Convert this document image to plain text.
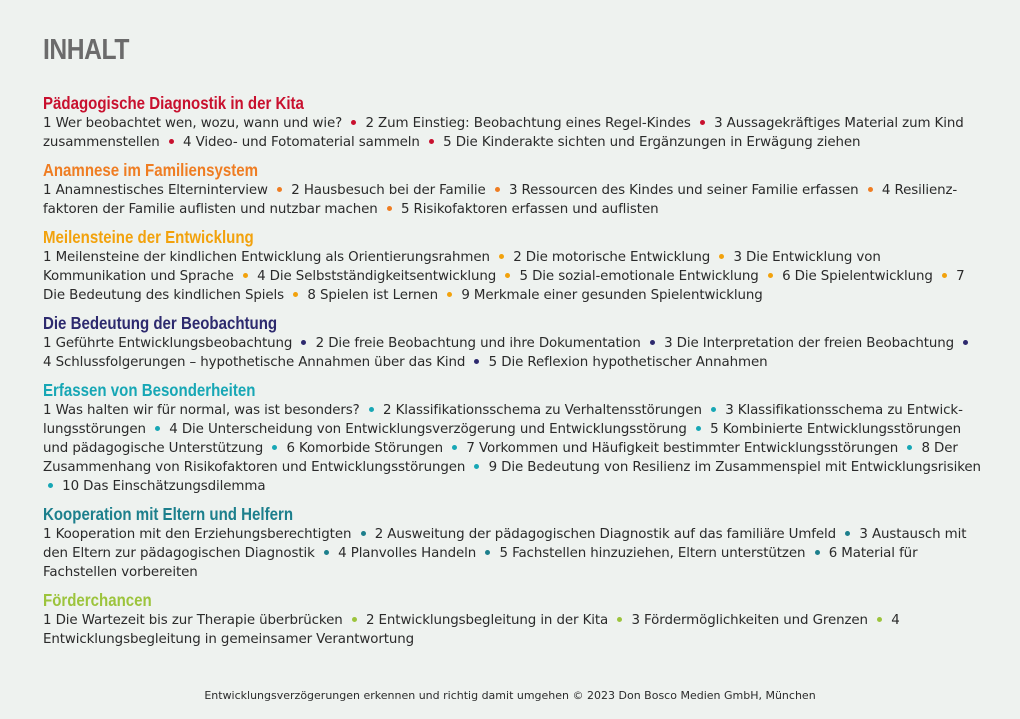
INHALT
Pädagogische Diagnostik in der Kita
1 Wer beobachtet wen, wozu, wann und wie? 2 Zum Einstieg: Beobachtung eines Regel-Kindes 3 Aussagekräftiges Material zum Kind zusammenstellen 4 Video- und Fotomaterial sammeln 5 Die Kinderakte sichten und Ergänzungen in Erwägung ziehen
Anamnese im Familiensystem
1 Anamnestisches Elterninterview 2 Hausbesuch bei der Familie 3 Ressourcen des Kindes und seiner Familie erfassen 4 Resilienzfaktoren der Familie auflisten und nutzbar machen 5 Risikofaktoren erfassen und auflisten
Meilensteine der Entwicklung
1 Meilensteine der kindlichen Entwicklung als Orientierungsrahmen 2 Die motorische Entwicklung 3 Die Entwicklung von Kommunikation und Sprache 4 Die Selbstständigkeitsentwicklung 5 Die sozial-emotionale Entwicklung 6 Die Spielentwicklung 7 Die Bedeutung des kindlichen Spiels 8 Spielen ist Lernen 9 Merkmale einer gesunden Spielentwicklung
Die Bedeutung der Beobachtung
1 Geführte Entwicklungsbeobachtung 2 Die freie Beobachtung und ihre Dokumentation 3 Die Interpretation der freien Beobachtung  4 Schlussfolgerungen – hypothetische Annahmen über das Kind 5 Die Reflexion hypothetischer Annahmen
Erfassen von Besonderheiten
1 Was halten wir für normal, was ist besonders? 2 Klassifikationsschema zu Verhaltensstörungen 3 Klassifikationsschema zu Entwicklungsstörungen 4 Die Unterscheidung von Entwicklungsverzögerung und Entwicklungsstörung 5 Kombinierte Entwicklungsstörungen und pädagogische Unterstützung 6 Komorbide Störungen 7 Vorkommen und Häufigkeit bestimmter Entwicklungsstörungen 8 Der Zusammenhang von Risikofaktoren und Entwicklungsstörungen 9 Die Bedeutung von Resilienz im Zusammenspiel mit Entwicklungsrisiken  10 Das Einschätzungsdilemma
Kooperation mit Eltern und Helfern
1 Kooperation mit den Erziehungsberechtigten 2 Ausweitung der pädagogischen Diagnostik auf das familiäre Umfeld 3 Austausch mit den Eltern zur pädagogischen Diagnostik 4 Planvolles Handeln 5 Fachstellen hinzuziehen, Eltern unterstützen 6 Material für Fachstellen vorbereiten
Förderchancen
1 Die Wartezeit bis zur Therapie überbrücken 2 Entwicklungsbegleitung in der Kita 3 Fördermöglichkeiten und Grenzen 4 Entwicklungsbegleitung in gemeinsamer Verantwortung
Entwicklungsverzögerungen erkennen und richtig damit umgehen © 2023 Don Bosco Medien GmbH, München
